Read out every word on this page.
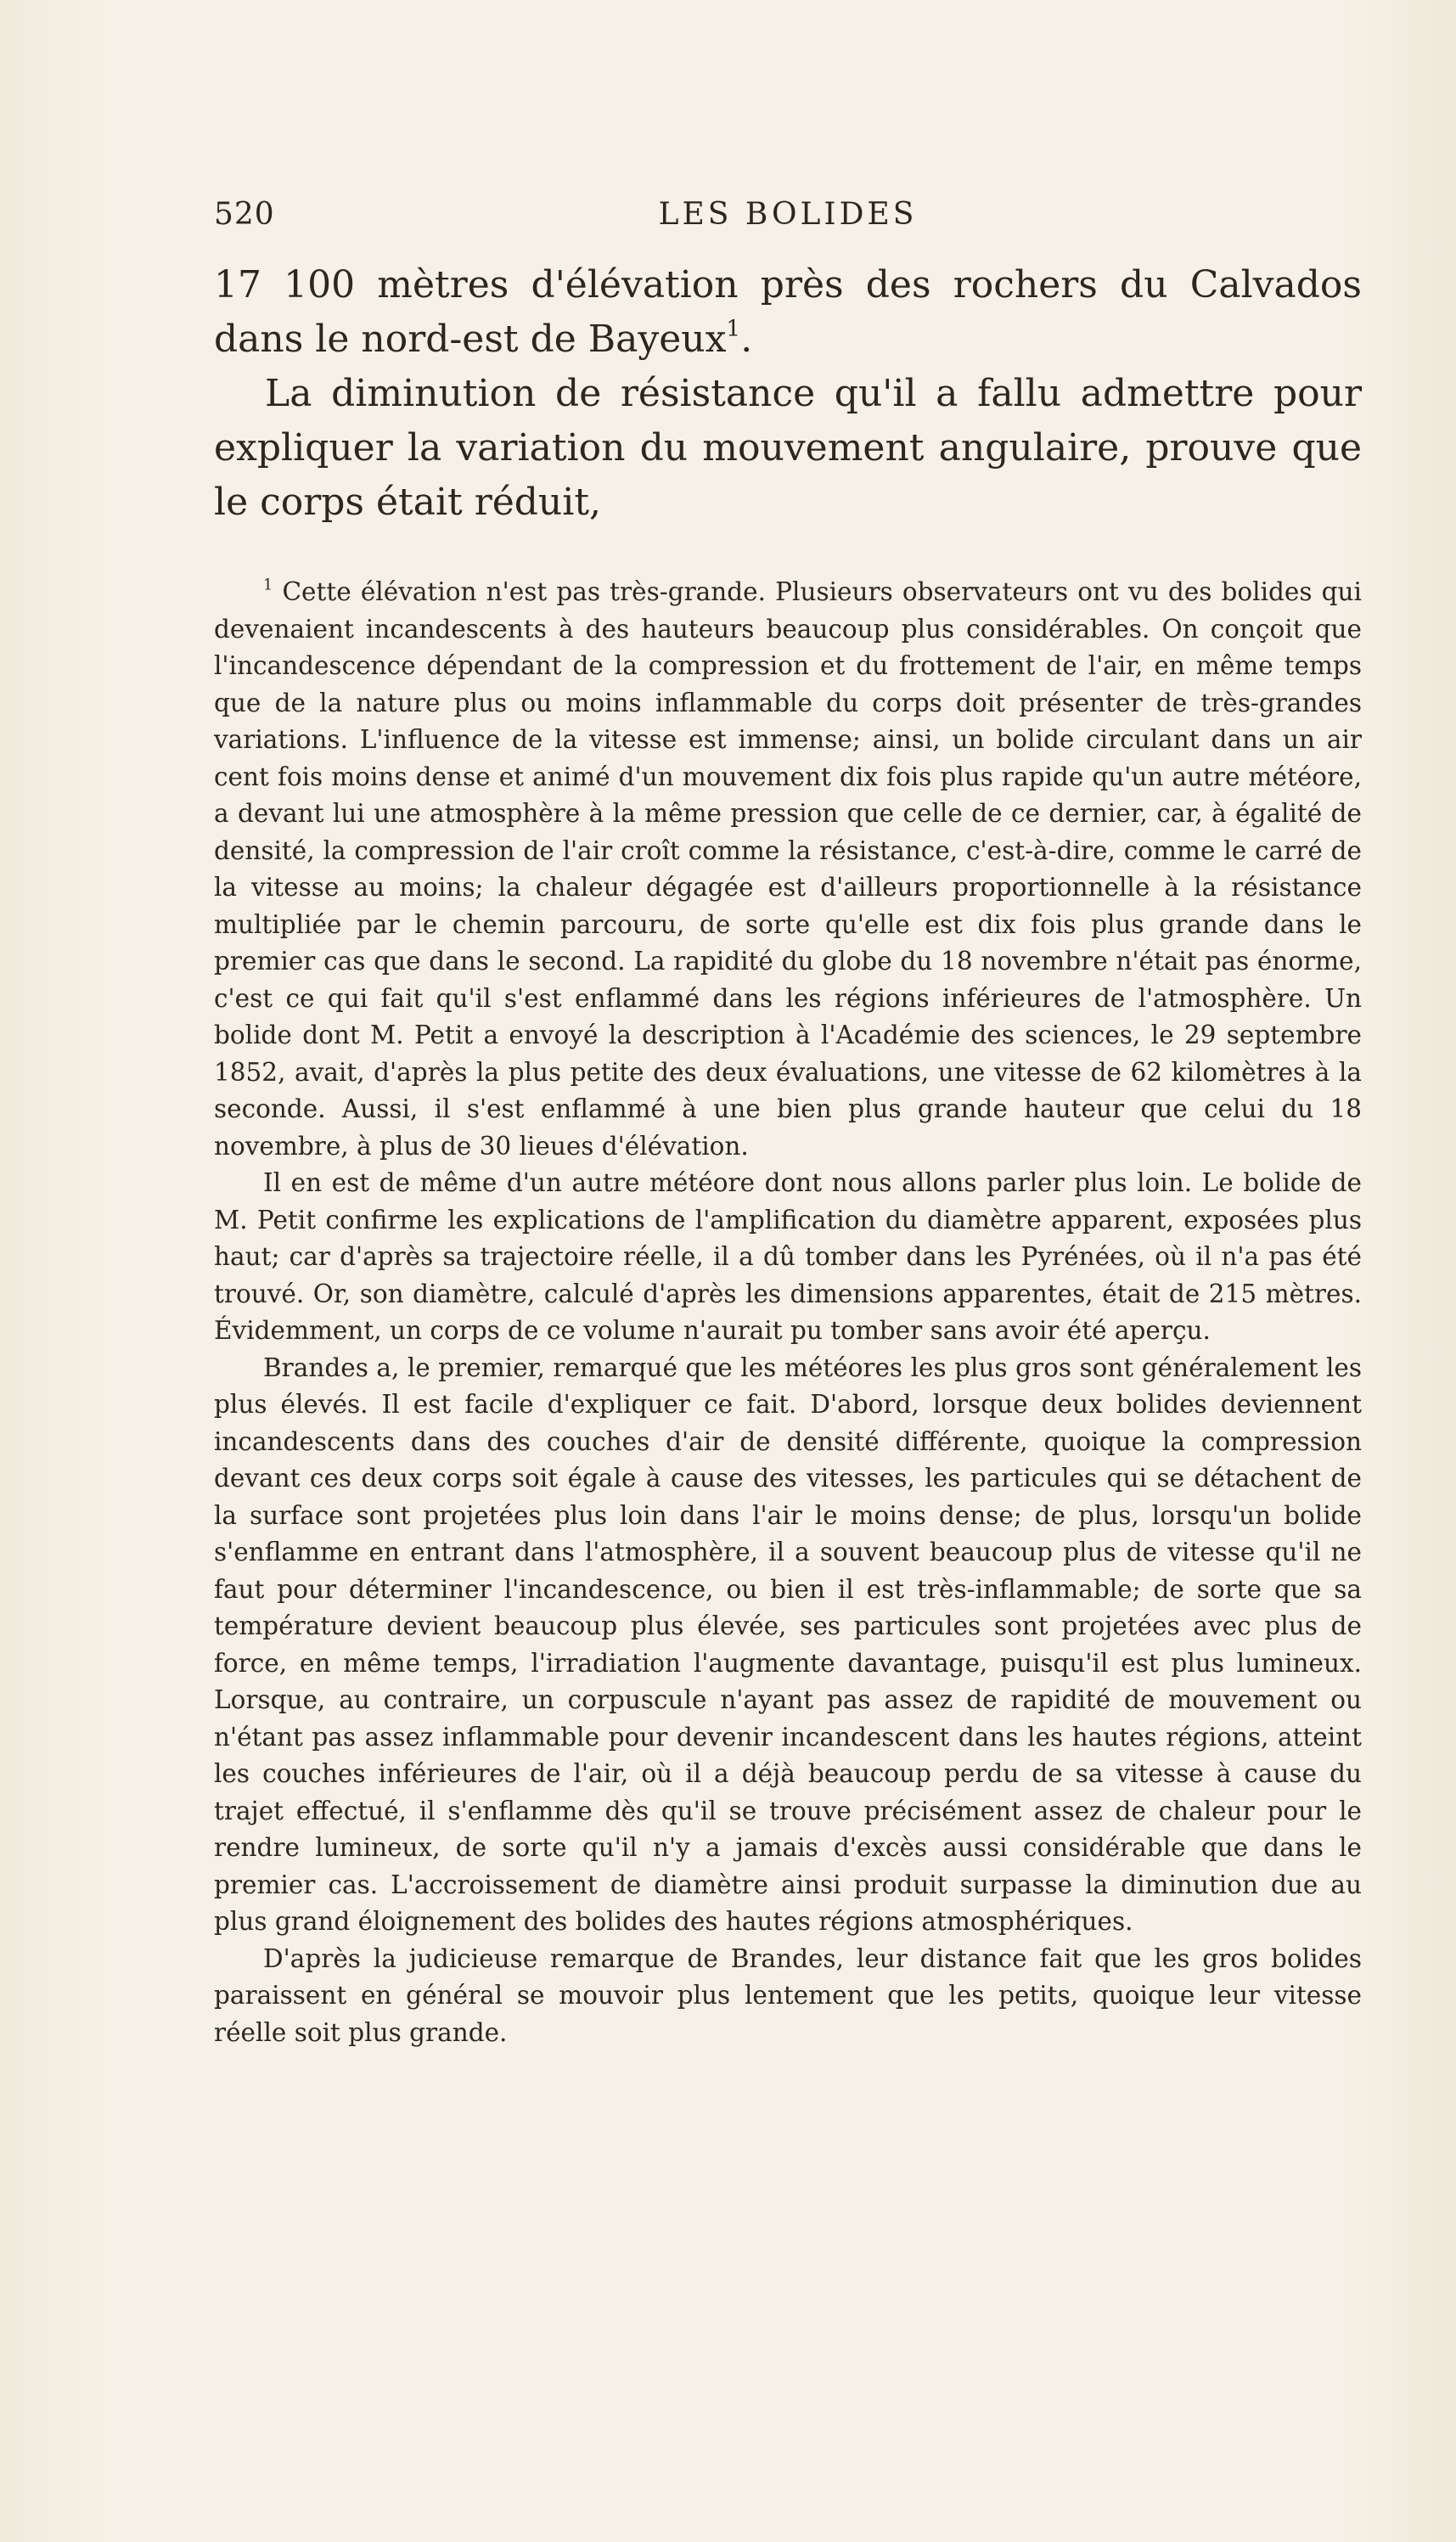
520	LES BOLIDES

17 100 mètres d'élévation près des rochers du Calvados dans le nord-est de Bayeux$^1$.

La diminution de résistance qu'il a fallu admettre pour expliquer la variation du mouvement angulaire, prouve que le corps était réduit,

$^1$ Cette élévation n'est pas très-grande. Plusieurs observateurs ont vu des bolides qui devenaient incandescents à des hauteurs beaucoup plus considérables. On conçoit que l'incandescence dépendant de la compression et du frottement de l'air, en même temps que de la nature plus ou moins inflammable du corps doit présenter de très-grandes variations. L'influence de la vitesse est immense; ainsi, un bolide circulant dans un air cent fois moins dense et animé d'un mouvement dix fois plus rapide qu'un autre météore, a devant lui une atmosphère à la même pression que celle de ce dernier, car, à égalité de densité, la compression de l'air croît comme la résistance, c'est-à-dire, comme le carré de la vitesse au moins; la chaleur dégagée est d'ailleurs proportionnelle à la résistance multipliée par le chemin parcouru, de sorte qu'elle est dix fois plus grande dans le premier cas que dans le second. La rapidité du globe du 18 novembre n'était pas énorme, c'est ce qui fait qu'il s'est enflammé dans les régions inférieures de l'atmosphère. Un bolide dont M. Petit a envoyé la description à l'Académie des sciences, le 29 septembre 1852, avait, d'après la plus petite des deux évaluations, une vitesse de 62 kilomètres à la seconde. Aussi, il s'est enflammé à une bien plus grande hauteur que celui du 18 novembre, à plus de 30 lieues d'élévation.

Il en est de même d'un autre météore dont nous allons parler plus loin. Le bolide de M. Petit confirme les explications de l'amplification du diamètre apparent, exposées plus haut; car d'après sa trajectoire réelle, il a dû tomber dans les Pyrénées, où il n'a pas été trouvé. Or, son diamètre, calculé d'après les dimensions apparentes, était de 215 mètres. Évidemment, un corps de ce volume n'aurait pu tomber sans avoir été aperçu.

Brandes a, le premier, remarqué que les météores les plus gros sont généralement les plus élevés. Il est facile d'expliquer ce fait. D'abord, lorsque deux bolides deviennent incandescents dans des couches d'air de densité différente, quoique la compression devant ces deux corps soit égale à cause des vitesses, les particules qui se détachent de la surface sont projetées plus loin dans l'air le moins dense; de plus, lorsqu'un bolide s'enflamme en entrant dans l'atmosphère, il a souvent beaucoup plus de vitesse qu'il ne faut pour déterminer l'incandescence, ou bien il est très-inflammable; de sorte que sa température devient beaucoup plus élevée, ses particules sont projetées avec plus de force, en même temps, l'irradiation l'augmente davantage, puisqu'il est plus lumineux. Lorsque, au contraire, un corpuscule n'ayant pas assez de rapidité de mouvement ou n'étant pas assez inflammable pour devenir incandescent dans les hautes régions, atteint les couches inférieures de l'air, où il a déjà beaucoup perdu de sa vitesse à cause du trajet effectué, il s'enflamme dès qu'il se trouve précisément assez de chaleur pour le rendre lumineux, de sorte qu'il n'y a jamais d'excès aussi considérable que dans le premier cas. L'accroissement de diamètre ainsi produit surpasse la diminution due au plus grand éloignement des bolides des hautes régions atmosphériques.

D'après la judicieuse remarque de Brandes, leur distance fait que les gros bolides paraissent en général se mouvoir plus lentement que les petits, quoique leur vitesse réelle soit plus grande.
